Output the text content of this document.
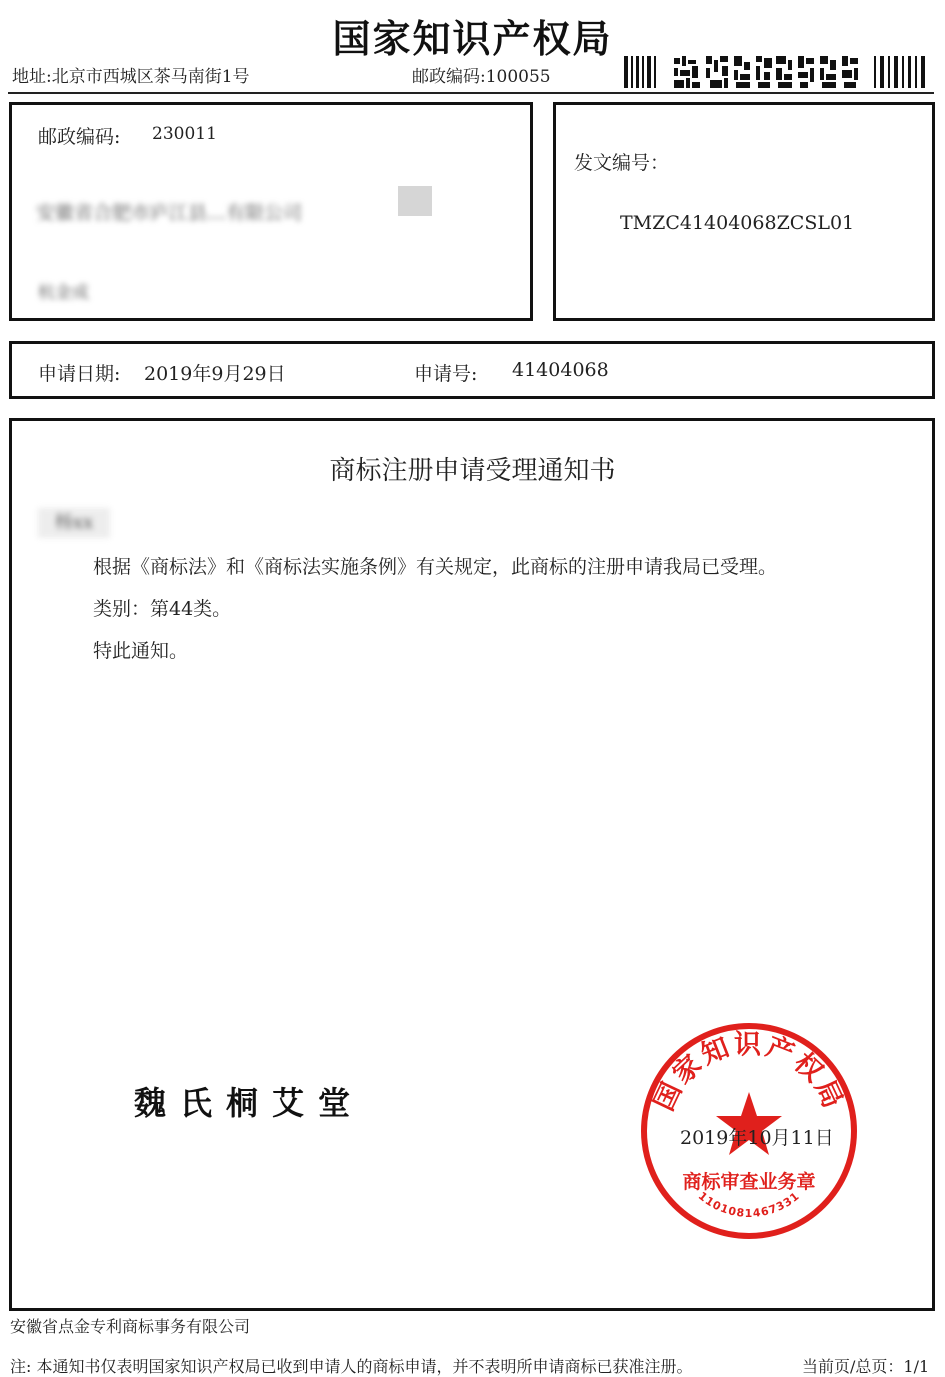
国家知识产权局
地址:北京市西城区茶马南街1号	邮政编码:100055
邮政编码: 230011
安徽省合肥市庐江县…有限公司
杭金成
发文编号：
TMZC41404068ZCSL01
申请日期: 2019年9月29日	申请号: 41404068
商标注册申请受理通知书
杨xx
根据《商标法》和《商标法实施条例》有关规定，此商标的注册申请我局已受理。
类别：第44类。
特此通知。
魏氏桐艾堂	国家知识产权局
商标审查业务章
1101081467331
2019年10月11日
安徽省点金专利商标事务有限公司
注: 本通知书仅表明国家知识产权局已收到申请人的商标申请，并不表明所申请商标已获准注册。	当前页/总页：1/1
